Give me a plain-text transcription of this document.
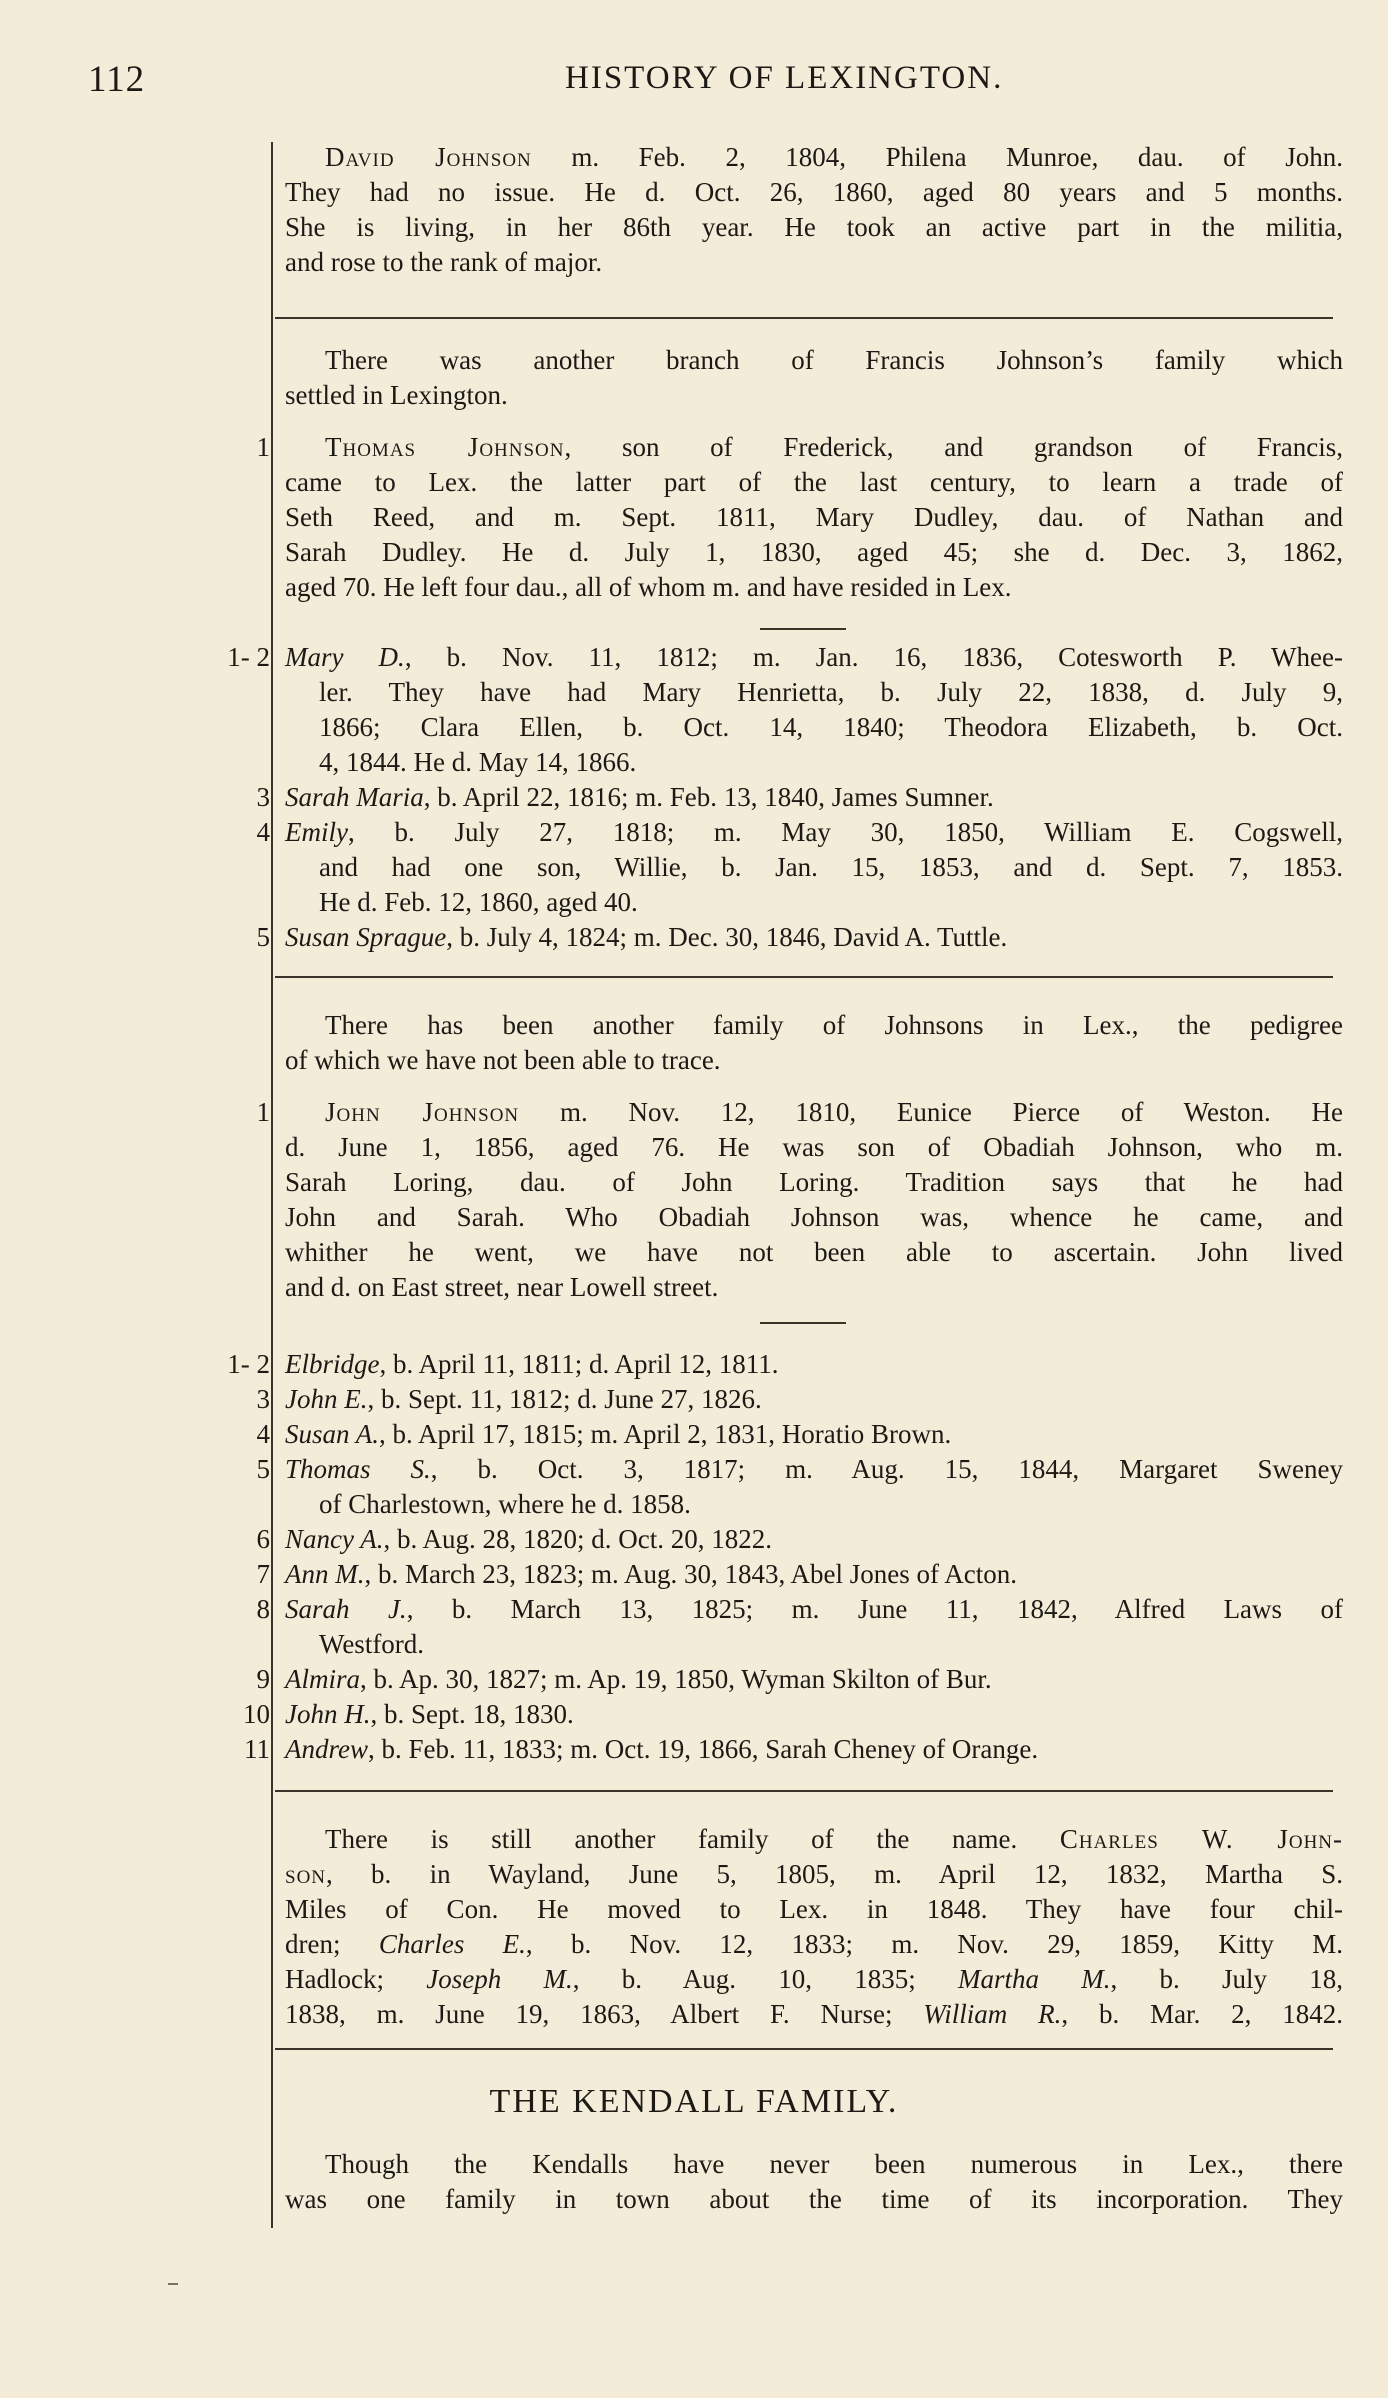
112	HISTORY OF LEXINGTON.
David Johnson m. Feb. 2, 1804, Philena Munroe, dau. of John.
They had no issue. He d. Oct. 26, 1860, aged 80 years and 5 months.
She is living, in her 86th year. He took an active part in the militia,
and rose to the rank of major.
There was another branch of Francis Johnson’s family which
settled in Lexington.
1	Thomas Johnson, son of Frederick, and grandson of Francis,
came to Lex. the latter part of the last century, to learn a trade of
Seth Reed, and m. Sept. 1811, Mary Dudley, dau. of Nathan and
Sarah Dudley. He d. July 1, 1830, aged 45; she d. Dec. 3, 1862,
aged 70. He left four dau., all of whom m. and have resided in Lex.
1- 2 Mary D., b. Nov. 11, 1812; m. Jan. 16, 1836, Cotesworth P. Whee-
ler. They have had Mary Henrietta, b. July 22, 1838, d. July 9,
1866; Clara Ellen, b. Oct. 14, 1840; Theodora Elizabeth, b. Oct.
4, 1844. He d. May 14, 1866.
3 Sarah Maria, b. April 22, 1816; m. Feb. 13, 1840, James Sumner.
4 Emily, b. July 27, 1818; m. May 30, 1850, William E. Cogswell,
and had one son, Willie, b. Jan. 15, 1853, and d. Sept. 7, 1853.
He d. Feb. 12, 1860, aged 40.
5 Susan Sprague, b. July 4, 1824; m. Dec. 30, 1846, David A. Tuttle.
There has been another family of Johnsons in Lex., the pedigree
of which we have not been able to trace.
1	John Johnson m. Nov. 12, 1810, Eunice Pierce of Weston. He
d. June 1, 1856, aged 76. He was son of Obadiah Johnson, who m.
Sarah Loring, dau. of John Loring. Tradition says that he had
John and Sarah. Who Obadiah Johnson was, whence he came, and
whither he went, we have not been able to ascertain. John lived
and d. on East street, near Lowell street.
1- 2 Elbridge, b. April 11, 1811; d. April 12, 1811.
3 John E., b. Sept. 11, 1812; d. June 27, 1826.
4 Susan A., b. April 17, 1815; m. April 2, 1831, Horatio Brown.
5 Thomas S., b. Oct. 3, 1817; m. Aug. 15, 1844, Margaret Sweney
of Charlestown, where he d. 1858.
6 Nancy A., b. Aug. 28, 1820; d. Oct. 20, 1822.
7 Ann M., b. March 23, 1823; m. Aug. 30, 1843, Abel Jones of Acton.
8 Sarah J., b. March 13, 1825; m. June 11, 1842, Alfred Laws of
Westford.
9 Almira, b. Ap. 30, 1827; m. Ap. 19, 1850, Wyman Skilton of Bur.
10 John H., b. Sept. 18, 1830.
11 Andrew, b. Feb. 11, 1833; m. Oct. 19, 1866, Sarah Cheney of Orange.
There is still another family of the name. Charles W. John-
son, b. in Wayland, June 5, 1805, m. April 12, 1832, Martha S.
Miles of Con. He moved to Lex. in 1848. They have four chil-
dren; Charles E., b. Nov. 12, 1833; m. Nov. 29, 1859, Kitty M.
Hadlock; Joseph M., b. Aug. 10, 1835; Martha M., b. July 18,
1838, m. June 19, 1863, Albert F. Nurse; William R., b. Mar. 2, 1842.
THE KENDALL FAMILY.
Though the Kendalls have never been numerous in Lex., there
was one family in town about the time of its incorporation. They
